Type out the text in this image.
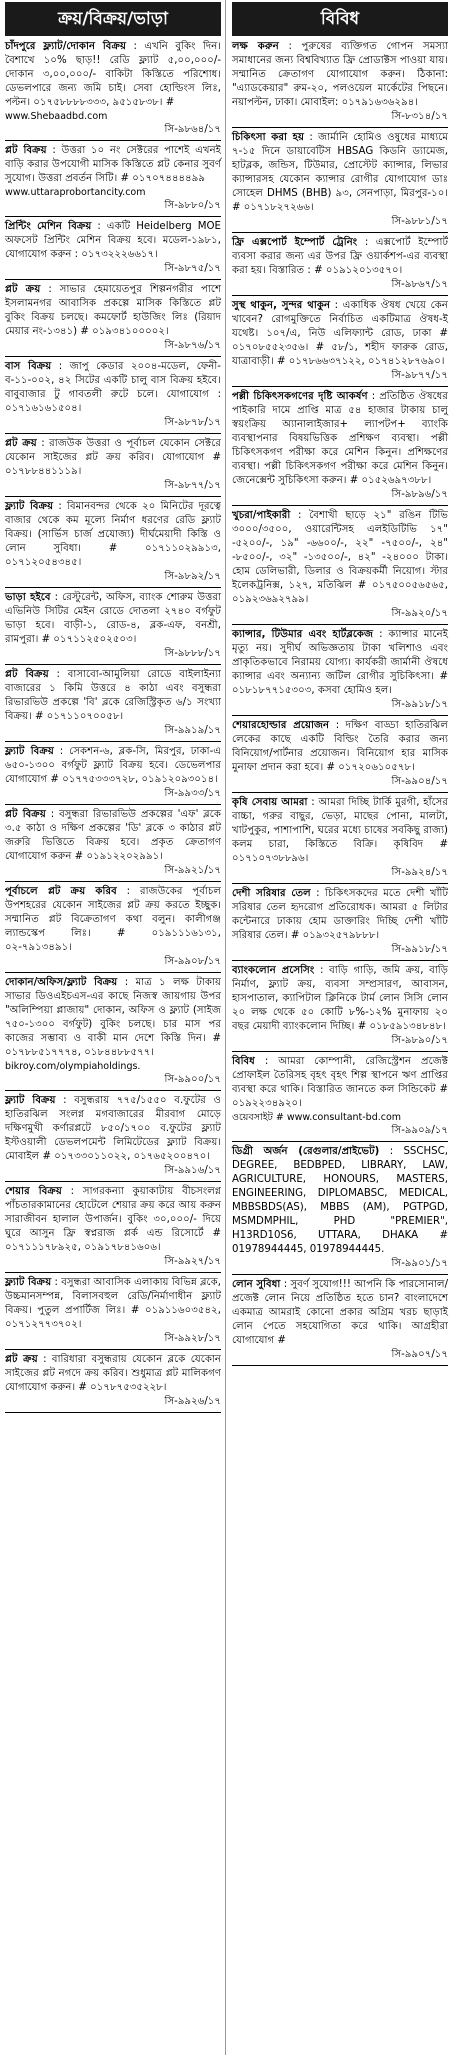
ক্রয়/বিক্রয়/ভাড়া
চাঁদপুরে ফ্ল্যাট/দোকান বিক্রয় : এখনি বুকিং দিন। বৈশাখে ১০% ছাড়!! রেডি ফ্ল্যাট ৫,০০,০০০/- দোকান ৩,০০,০০০/- বাকিটা কিস্তিতে পরিশোধ। ডেভলপারে জন্য জমি চাই। সেবা হোল্ডিংস লিঃ, পল্টন। ০১৭৫৮৮৮৮৩৩৩, ৯৫১৫৮৩৮। #
www.Shebaadbd.com
সি-৯৮৬৪/১৭
প্লট বিক্রয় : উত্তরা ১০ নং সেক্টরের পাশেই এখনই বাড়ি করার উপযোগী মাসিক কিস্তিতে প্লট কেনার সুবর্ণ সুযোগ। উত্তরা প্রবর্তন সিটি। # ০১৭০৭৪৪৪৪৯৯
www.uttaraprobortancity.com
সি-৯৮৮০/১৭
প্রিন্টিং মেশিন বিক্রয় : একটি Heidelberg MOE অফসেট প্রিন্টিং মেশিন বিক্রয় হবে। মডেল-১৯৮১, যোগাযোগ করুন : ০১৭৩২২২৬৬১৭।
সি-৯৮৭৫/১৭
প্লট ক্রয় : সাভার হেমায়েতপুর শিল্পনগরীর পাশে ইসলামনগর আবাসিক প্রকল্পে মাসিক কিস্তিতে প্লট বুকিং বিক্রয় চলছে। কমফোর্ট হাউজিং লিঃ (রিয়াদ মেয়ার নং-১৩৪১) # ০১৯৩৪১০০০০২।
সি-৯৮৭৬/১৭
বাস বিক্রয় : জাপু কেডার ২০০৪-মডেল, ফেনী-ব-১১-০০২, ৪২ সিটের একটি চালু বাস বিক্রয় হইবে। বাবুবাজার টু গাবতলী রুটে চলে। যোগাযোগ : ০১৭১৬১৬১৫০৪।
সি-৯৮৭৮/১৭
প্লট ক্রয় : রাজউক উত্তরা ও পূর্বাচল যেকোন সেক্টরে যেকোন সাইজের প্লট ক্রয় করিব। যোগাযোগ # ০১৭৮৮৪৪১১১৯।
সি-৯৮৭৭/১৭
ফ্ল্যাট বিক্রয় : বিমানবন্দর থেকে ২০ মিনিটের দূরত্বে বাজার থেকে কম মূল্যে নির্মাণ ধরণের রেডি ফ্ল্যাট বিক্রয়। (সার্ভিস চার্জ প্রযোজ্য) দীর্ঘমেয়াদী কিস্তি ও লোন সুবিধা। # ০১৭১১০২৯৯১৩, ০১৭১২০৫৪৩৪৫।
সি-৯৮৯২/১৭
ভাড়া হইবে : রেস্টুরেন্ট, অফিস, ব্যাংক শোরুম উত্তরা এভিনিউ সিটির মেইন রোডে দোতলা ২৭৪০ বর্গফুট ভাড়া হবে। বাড়ী-১, রোড-৪, ব্লক-এফ, বনশ্রী, রামপুরা। # ০১৭১১২৫০২৫০৩।
সি-৯৮৮৮/১৭
প্লট বিক্রয় : বাসাবো-আমুলিয়া রোডে বাইলাইন্যা বাজারের ১ কিমি উত্তরে ৪ কাঠা এবং বসুন্ধরা রিভারভিউ প্রকল্পে 'বি' ব্লকে রেজিস্ট্রিকৃত ৬/১ সংখ্যা বিক্রয়। # ০১৭১১০৭০০৫৮।
সি-৯৯১৯/১৭
ফ্ল্যাট বিক্রয় : সেকশন-৬, ব্লক-সি, মিরপুর, ঢাকা-এ ৬৫০-১৩০০ বর্গফুট ফ্ল্যাট বিক্রয় হবে। ডেভেলপার যোগাযোগ # ০১৭৭৫৩৩৩৭২৮, ০১৯১২০৯৩০১৪।
সি-৯৯৩৩/১৭
প্লট বিক্রয় : বসুন্ধরা রিভারভিউ প্রকল্পের 'এফ' ব্লকে ৩.৫ কাঠা ও দক্ষিণ প্রকল্পের 'ডি' ব্লকে ৩ কাঠার প্লট জরুরি ভিত্তিতে বিক্রয় হবে। প্রকৃত ক্রেতাগণ যোগাযোগ করুন # ০১৯১২২০২৯৯১।
সি-৯৯২১/১৭
পূর্বাচলে প্লট ক্রয় করিব : রাজউকের পূর্বাচল উপশহরের যেকোন সাইজের প্লট ক্রয় করতে ইচ্ছুক। সম্মানিত প্লট বিক্রেতাগণ কথা বলুন। কালীগঞ্জ ল্যান্ডস্কেপ লিঃ। # ০১৯১১১৬১৩১, ০২-৭৯১৩৪৯১।
সি-৯৯০৮/১৭
দোকান/অফিস/ফ্ল্যাট বিক্রয় : মাত্র ১ লক্ষ টাকায় সাভার ডিওএইচএস-এর কাছে নিজস্ব জায়গায় উপর "অলিম্পিয়া প্লাজায়" দোকান, অফিস ও ফ্ল্যাট (সাইজ ৭৫০-১৩০০ বর্গফুট) বুকিং চলছে। চার মাস পর কাজের সম্ভাব্য ও বাকী মান দেশে কিস্তি দিন। # ০১৭৮৮৫১৭৭৭৪, ০১৮৪৪৮৮৫৭৭।
bikroy.com/olympiaholdings.
সি-৯৯০০/১৭
ফ্ল্যাট বিক্রয় : বসুন্ধরায় ৭৭৫/১৫৫০ ব.ফুটের ও হাতিরঝিল সংলগ্ন মগবাজারের মীরবাগ মোড়ে দক্ষিণমুখী কর্ণারপ্লটে ৮৫০/১৭০০ ব.ফুটের ফ্ল্যাট ইস্টওয়ালী ডেভলপমেন্ট লিমিটেডের ফ্ল্যাট বিক্রয়। মোবাইল # ০১৭৩৩০১১০২২, ০১৭৬৫২০০৪৭০।
সি-৯৯১৬/১৭
শেয়ার বিক্রয় : সাগরকন্যা কুয়াকাটায় বীচসংলগ্ন পাঁচতারকামানের হোটেলে শেয়ার ক্রয় করে আয় করুন সারাজীবন হালাল উপার্জন। বুকিং ৩০,০০০/- দিয়ে ঘুরে আসুন ফ্রি স্বপ্নরাজ প্লর্ক এন্ড রিসোর্টে # ০১৭১১১৭৮৯২৫, ০১৯১৭৮৪১৬০৬।
সি-৯৯২৭/১৭
ফ্ল্যাট বিক্রয় : বসুন্ধরা আবাসিক এলাকায় বিভিন্ন ব্লকে, উচ্চমানসম্পন্ন, বিলাসবহুল রেডি/নির্মাণাধীন ফ্ল্যাট বিক্রয়। পুতুল প্রপার্টিজ লিঃ। # ০১৯১১৬০৩৫৪২, ০১৭১২৭৭৩৭০২।
সি-৯৯২৮/১৭
প্লট ক্রয় : বারিধারা বসুন্ধরায় যেকোন ব্লকে যেকোন সাইজের প্লট নগদে ক্রয় করিব। শুধুমাত্র প্লট মালিকগণ যোগাযোগ করুন। # ০১৭৮৭৫৩৫২২৮।
সি-৯৯২৬/১৭
বিবিধ
লক্ষ করুন : পুরুষের ব্যক্তিগত গোপন সমস্যা সমাধানের জন্য বিশ্ববিখ্যাত ফ্রি প্রোডাক্টস পাওয়া যায়। সম্মানিত ক্রেতাগণ যোগাযোগ করুন। ঠিকানা: "এ্যাডকেয়ার" রুম-২০, পলওয়েল মার্কেটের পিছনে। নয়াপল্টন, ঢাকা। মোবাইল: ০১৭৯১৬৩৬২৯৪।
সি-৮৩১৪/১৭
চিকিৎসা করা হয় : জার্মানি হোমিও ওষুধের মাধ্যমে ৭-১৫ দিনে ডায়াবেটিস HBSAG কিডনি ড্যামেজ, হাটব্লক, জন্ডিস, টিউমার, প্রোস্টেট ক্যান্সার, লিভার ক্যান্সারসহ যেকোন ক্যান্সার রোগীর যোগাযোগ ডাঃ সোহেল DHMS (BHB) ৯৩, সেনপাড়া, মিরপুর-১০। # ০১৭১৮২৭২৬৬।
সি-৯৮৮১/১৭
ফ্রি এক্সপোর্ট ইম্পোর্ট ট্রেনিং : এক্সপোর্ট ইম্পোর্ট ব্যবসা করার জন্য এর উপর ফ্রি ওয়ার্কশপ-এর ব্যবস্থা করা হয়। বিস্তারিত : # ০১৯১২০১৩৫৭০।
সি-৯৮৬৭/১৭
সুস্থ থাকুন, সুন্দর থাকুন : একাধিক ঔষধ খেয়ে কেন খাবেন? রোগমুক্তিতে নির্বাচিত একটিমাত্র ঔষধ-ই যথেষ্ট। ১০৭/এ, নিউ এলিফ্যান্ট রোড, ঢাকা # ০১৭০৮৫৫২৩৫৬। # ৫৮/১, শহীদ ফারুক রোড, যাত্রাবাড়ী। # ০১৭৮৬৬৩৭১২২, ০১৭৪১২৮৭৬৯০।
সি-৯৮৭৭/১৭
পল্লী চিকিৎসকগণের দৃষ্টি আকর্ষণ : প্রতিষ্ঠিত ঔষধের পাইকারি দামে প্রাপ্তি মাত্র ৫৪ হাজার টাকায় চালু স্বয়ংক্রিয় অ্যানালাইজার+ ল্যাপটপ+ ব্যাংকি ব্যবস্থাপনার বিষয়ভিত্তিক প্রশিক্ষণ ব্যবস্থা। পল্লী চিকিৎসকগণ পরীক্ষা করে মেশিন কিনুন। প্রশিক্ষণের ব্যবস্থা। পল্লী চিকিৎসকগণ পরীক্ষা করে মেশিন কিনুন। জেনেক্সেন্ট সুচিকিৎসা করুন। # ০১৫২৬৯৭৩৮৮।
সি-৯৮৯৬/১৭
খুচরা/পাইকারী : বৈশাখী ছাড়ে ২১" রঙিন টিভি ৩০০০/৩৫০০, ওয়ারেন্টিসহ এলইডিটিভি ১৭" -৫২০০/-, ১৯" -৬৬০০/-, ২২" -৭৫০০/-, ২৪" -৮৫০০/-, ৩২" -১৩৫০০/-, ৪২" -২৪০০০ টাকা। হোম ডেলিভারী, ডিলার ও বিক্রয়কর্মী নিয়োগ। স্টার ইলেকট্রনিক্স, ১২৭, মতিঝিল # ০১৭৫০০৫৬৫৬৫, ০১৯২৩৬৯২৭৯৯।
সি-৯৯২০/১৭
ক্যান্সার, টিউমার এবং হার্টব্লকেজ : ক্যান্সার মানেই মৃত্যু নয়। সুদীর্ঘ অভিজ্ঞতায় টাকা খলিশাও এবং প্রাকৃতিকভাবে নিরাময় যোগ্য। কার্যকরী জার্মানী ঔষধে ক্যান্সার এবং অন্যান্য জটিল রোগীর সুচিকিৎসা। # ০১৮১৮৭৭১৫৩০৩, কসবা হোমিও হল।
সি-৯৯১৮/১৭
শেয়ারহোল্ডার প্রয়োজন : দক্ষিণ বাড্ডা হাতিরঝিল লেকের কাছে একটি বিল্ডিং তৈরি করার জন্য বিনিয়োগ/পার্টনার প্রয়োজন। বিনিয়োগ হার মাসিক মুনাফা প্রদান করা হবে। # ০১৭২০৬১০৫৭৮।
সি-৯৯০৪/১৭
কৃষি সেবায় আমরা : আমরা দিচ্ছি টার্কি মুরগী, হাঁসের বাচ্চা, গরুর বাছুর, ভেড়া, মাছের পোনা, মালটা, খাটপুকুর, পাশাপাশি, ঘরের মধ্যে চাষের সবকিছু রাজ্য) কলম চারা, কিস্তিতে বিক্রি। কৃষিবিদ # ০১৭১০৭৩৮৮৯৬।
সি-৯৯২৪/১৭
দেশী সরিষার তেল : চিকিৎসকদের মতে দেশী খাঁটি সরিষার তেল হৃদরোগ প্রতিরোধক। আমরা ৫ লিটার কন্টেনারে ঢাকায় হোম ডাক্তারিং দিচ্ছি দেশী খাঁটি সরিষার তেল। # ০১৯৩২৫৭৯৮৮৮।
সি-৯৯১৮/১৭
ব্যাংকলোন প্রসেসিং : বাড়ি গাড়ি, জমি ক্রয়, বাড়ি নির্মাণ, ফ্ল্যাট ক্রয়, ব্যবসা সম্প্রসারণ, আবাসন, হাসপাতাল, ক্যাপিটাল ক্লিনিকে টার্ম লোন সিসি লোন ২০ লক্ষ থেকে ৫০ কোটি ৮%-১২% মুনাফায় ২০ বছর মেয়াদী ব্যাংকলোন দিচ্ছি। # ০১৮৫৯১৩৪৮৪৮।
সি-৯৮৯০/১৭
বিবিধ : আমরা কোম্পানী, রেজিস্ট্রেশন প্রজেক্ট প্রোফাইল তৈরিসহ বৃহৎ বৃহৎ শিল্প স্থাপনে ঋণ প্রাপ্তির ব্যবস্থা করে থাকি। বিস্তারিত জানতে কল সিন্ডিকেট # ০১৯২২৩৪৯২০।
ওয়েবসাইট # www.consultant-bd.com
সি-৯৯০৯/১৭
ডিগ্রী অর্জন (রেগুলার/প্রাইভেট) : SSCHSC, DEGREE, BEDBPED, LIBRARY, LAW, AGRICULTURE, HONOURS, MASTERS, ENGINEERING, DIPLOMABSC, MEDICAL, MBBSBDS(AS), MBBS (AM), PGTPGD, MSMDMPHIL, PHD "PREMIER", H13RD10S6, UTTARA, DHAKA # 01978944445, 01978944445.
সি-৯৯০১/১৭
লোন সুবিধা : সুবর্ণ সুযোগ!!! আপনি কি পারসোনাল/প্রজেক্ট লোন নিয়ে প্রতিষ্ঠিত হতে চান? বাংলাদেশে একমাত্র আমরাই কোনো প্রকার অগ্রিম খরচ ছাড়াই লোন পেতে সহযোগিতা করে থাকি। আগ্রহীরা যোগাযোগ #
সি-৯৯০৭/১৭
